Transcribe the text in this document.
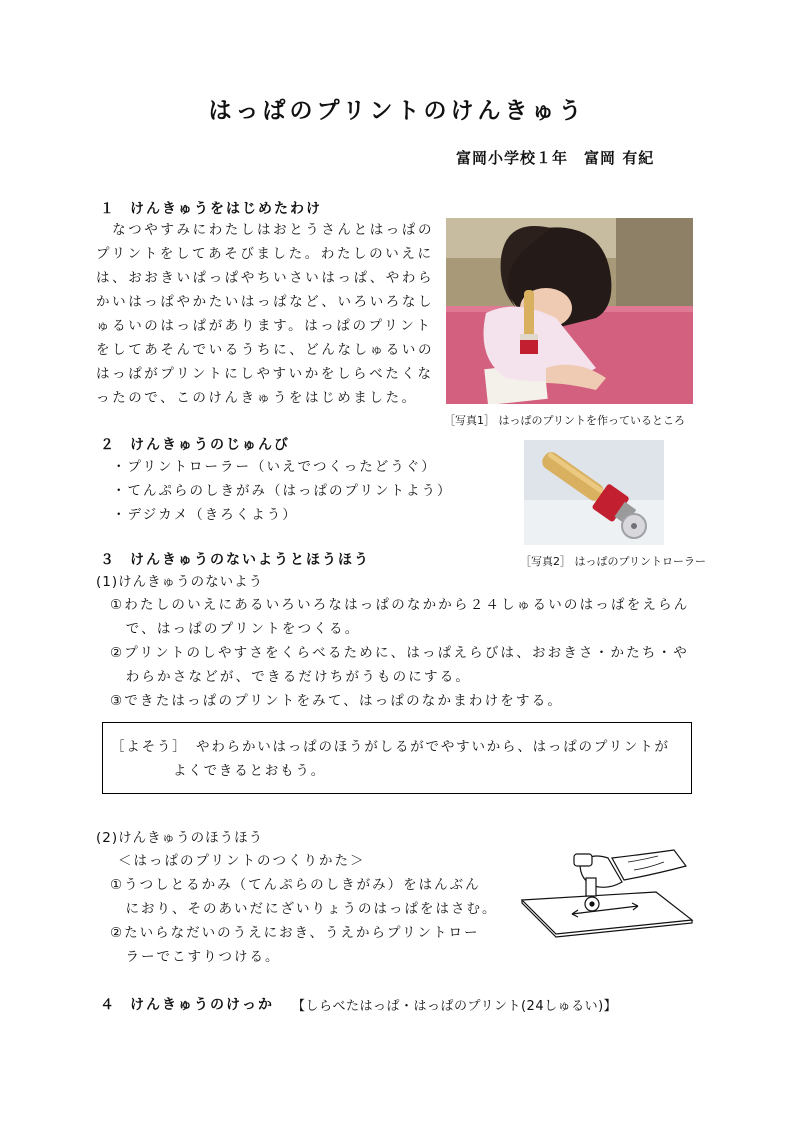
はっぱのプリントのけんきゅう
富岡小学校１年　富岡 有紀
１ けんきゅうをはじめたわけ
　なつやすみにわたしはおとうさんとはっぱの
プリントをしてあそびました。わたしのいえに
は、おおきいぱっぱやちいさいはっぱ、やわら
かいはっぱやかたいはっぱなど、いろいろなし
ゅるいのはっぱがあります。はっぱのプリント
をしてあそんでいるうちに、どんなしゅるいの
はっぱがプリントにしやすいかをしらべたくな
ったので、このけんきゅうをはじめました。
［写真1］ はっぱのプリントを作っているところ
２ けんきゅうのじゅんび
・プリントローラー（いえでつくったどうぐ）
・てんぷらのしきがみ（はっぱのプリントよう）
・デジカメ（きろくよう）
［写真2］ はっぱのプリントローラー
３ けんきゅうのないようとほうほう
(1)けんきゅうのないよう
①わたしのいえにあるいろいろなはっぱのなかから２４しゅるいのはっぱをえらん
　で、はっぱのプリントをつくる。
②プリントのしやすさをくらべるために、はっぱえらびは、おおきさ・かたち・や
　わらかさなどが、できるだけちがうものにする。
③できたはっぱのプリントをみて、はっぱのなかまわけをする。
［よそう］　やわらかいはっぱのほうがしるがでやすいから、はっぱのプリントが
よくできるとおもう。
(2)けんきゅうのほうほう
＜はっぱのプリントのつくりかた＞
①うつしとるかみ（てんぷらのしきがみ）をはんぶん
　におり、そのあいだにざいりょうのはっぱをはさむ。
②たいらなだいのうえにおき、うえからプリントロー
　ラーでこすりつける。
４ けんきゅうのけっか 【しらべたはっぱ・はっぱのプリント(24しゅるい)】
